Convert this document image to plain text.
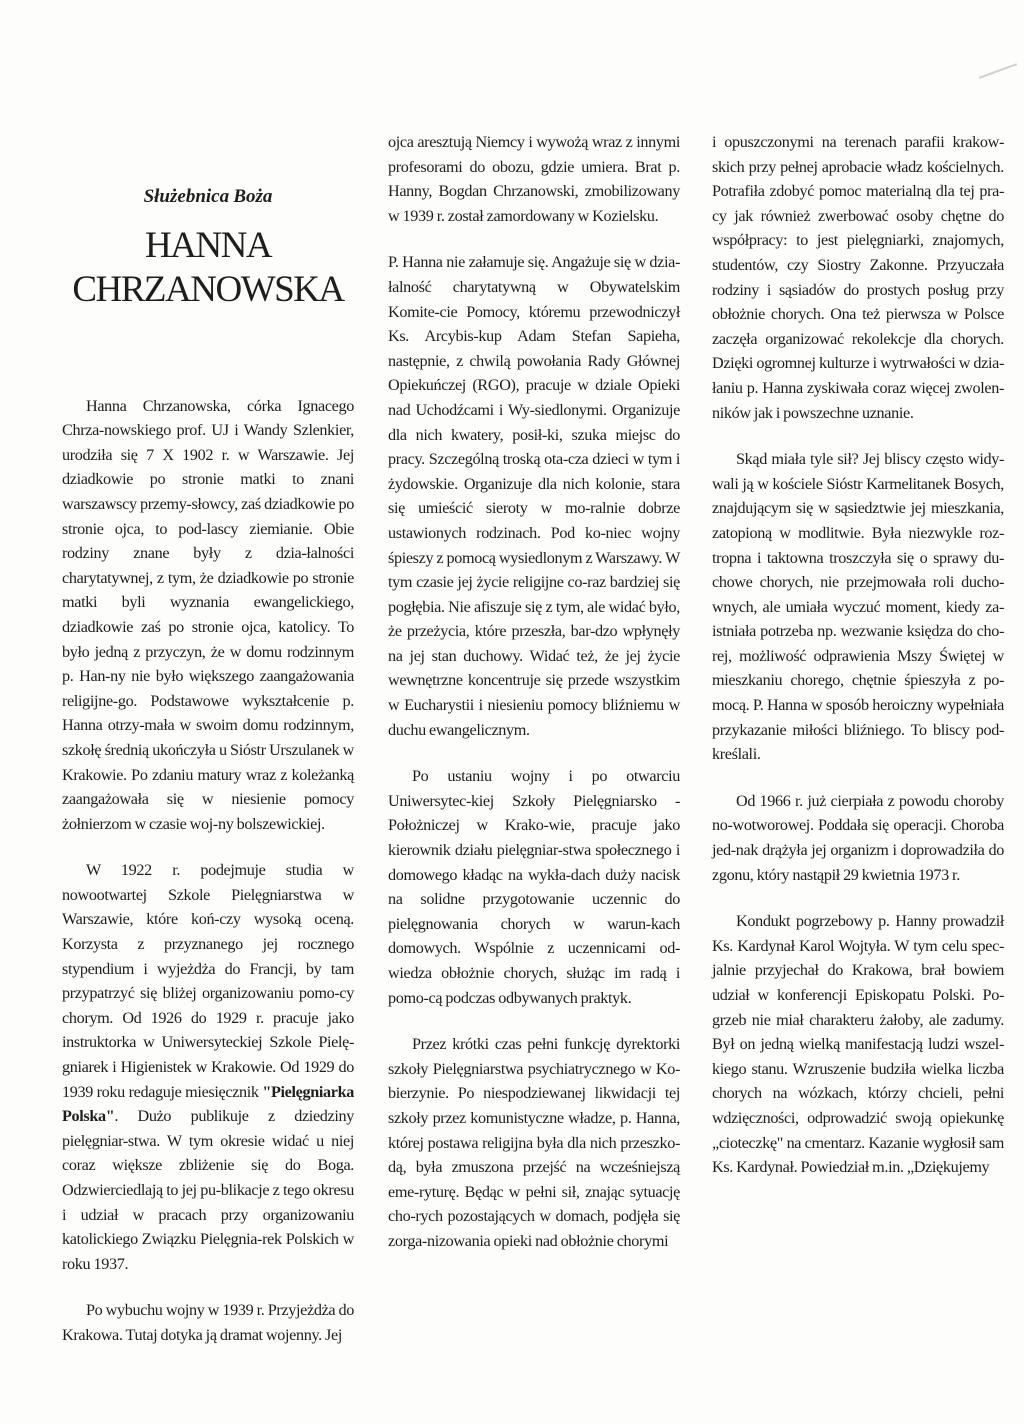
Służebnica Boża
HANNA CHRZANOWSKA

Hanna Chrzanowska, córka Ignacego Chrza-nowskiego prof. UJ i Wandy Szlenkier, urodziła się 7 X 1902 r. w Warszawie. Jej dziadkowie po stronie matki to znani warszawscy przemy-słowcy, zaś dziadkowie po stronie ojca, to pod-lascy ziemianie. Obie rodziny znane były z dzia-łalności charytatywnej, z tym, że dziadkowie po stronie matki byli wyznania ewangelickiego, dziadkowie zaś po stronie ojca, katolicy. To było jedną z przyczyn, że w domu rodzinnym p. Han-ny nie było większego zaangażowania religijne-go. Podstawowe wykształcenie p. Hanna otrzy-mała w swoim domu rodzinnym, szkołę średnią ukończyła u Sióstr Urszulanek w Krakowie. Po zdaniu matury wraz z koleżanką zaangażowała się w niesienie pomocy żołnierzom w czasie woj-ny bolszewickiej.

W 1922 r. podejmuje studia w nowootwartej Szkole Pielęgniarstwa w Warszawie, które koń-czy wysoką oceną. Korzysta z przyznanego jej rocznego stypendium i wyjeżdża do Francji, by tam przypatrzyć się bliżej organizowaniu pomo-cy chorym. Od 1926 do 1929 r. pracuje jako instruktorka w Uniwersyteckiej Szkole Pielę-gniarek i Higienistek w Krakowie. Od 1929 do 1939 roku redaguje miesięcznik "Pielęgniarka Polska". Dużo publikuje z dziedziny pielęgniar-stwa. W tym okresie widać u niej coraz większe zbliżenie się do Boga. Odzwierciedlają to jej pu-blikacje z tego okresu i udział w pracach przy organizowaniu katolickiego Związku Pielęgnia-rek Polskich w roku 1937.

Po wybuchu wojny w 1939 r. Przyjeżdża do Krakowa. Tutaj dotyka ją dramat wojenny. Jej

ojca aresztują Niemcy i wywożą wraz z innymi profesorami do obozu, gdzie umiera. Brat p. Hanny, Bogdan Chrzanowski, zmobilizowany w 1939 r. został zamordowany w Kozielsku.

P. Hanna nie załamuje się. Angażuje się w dzia-łalność charytatywną w Obywatelskim Komite-cie Pomocy, któremu przewodniczył Ks. Arcybis-kup Adam Stefan Sapieha, następnie, z chwilą powołania Rady Głównej Opiekuńczej (RGO), pracuje w dziale Opieki nad Uchodźcami i Wy-siedlonymi. Organizuje dla nich kwatery, posił-ki, szuka miejsc do pracy. Szczególną troską ota-cza dzieci w tym i żydowskie. Organizuje dla nich kolonie, stara się umieścić sieroty w mo-ralnie dobrze ustawionych rodzinach. Pod ko-niec wojny śpieszy z pomocą wysiedlonym z Warszawy. W tym czasie jej życie religijne co-raz bardziej się pogłębia. Nie afiszuje się z tym, ale widać było, że przeżycia, które przeszła, bar-dzo wpłynęły na jej stan duchowy. Widać też, że jej życie wewnętrzne koncentruje się przede wszystkim w Eucharystii i niesieniu pomocy bliźniemu w duchu ewangelicznym.

Po ustaniu wojny i po otwarciu Uniwersytec-kiej Szkoły Pielęgniarsko - Położniczej w Krako-wie, pracuje jako kierownik działu pielęgniar-stwa społecznego i domowego kładąc na wykła-dach duży nacisk na solidne przygotowanie uczennic do pielęgnowania chorych w warun-kach domowych. Wspólnie z uczennicami od-wiedza obłożnie chorych, służąc im radą i pomo-cą podczas odbywanych praktyk.

Przez krótki czas pełni funkcję dyrektorki szkoły Pielęgniarstwa psychiatrycznego w Ko-bierzynie. Po niespodziewanej likwidacji tej szkoły przez komunistyczne władze, p. Hanna, której postawa religijna była dla nich przeszko-dą, była zmuszona przejść na wcześniejszą eme-ryturę. Będąc w pełni sił, znając sytuację cho-rych pozostających w domach, podjęła się zorga-nizowania opieki nad obłożnie chorymi

i opuszczonymi na terenach parafii krakow-skich przy pełnej aprobacie władz kościelnych. Potrafiła zdobyć pomoc materialną dla tej pra-cy jak również zwerbować osoby chętne do współpracy: to jest pielęgniarki, znajomych, studentów, czy Siostry Zakonne. Przyuczała rodziny i sąsiadów do prostych posług przy obłożnie chorych. Ona też pierwsza w Polsce zaczęła organizować rekolekcje dla chorych. Dzięki ogromnej kulturze i wytrwałości w dzia-łaniu p. Hanna zyskiwała coraz więcej zwolen-ników jak i powszechne uznanie.

Skąd miała tyle sił? Jej bliscy często widy-wali ją w kościele Sióstr Karmelitanek Bosych, znajdującym się w sąsiedztwie jej mieszkania, zatopioną w modlitwie. Była niezwykle roz-tropna i taktowna troszczyła się o sprawy du-chowe chorych, nie przejmowała roli ducho-wnych, ale umiała wyczuć moment, kiedy za-istniała potrzeba np. wezwanie księdza do cho-rej, możliwość odprawienia Mszy Świętej w mieszkaniu chorego, chętnie śpieszyła z po-mocą. P. Hanna w sposób heroiczny wypełniała przykazanie miłości bliźniego. To bliscy pod-kreślali.

Od 1966 r. już cierpiała z powodu choroby no-wotworowej. Poddała się operacji. Choroba jed-nak drążyła jej organizm i doprowadziła do zgonu, który nastąpił 29 kwietnia 1973 r.

Kondukt pogrzebowy p. Hanny prowadził Ks. Kardynał Karol Wojtyła. W tym celu spec-jalnie przyjechał do Krakowa, brał bowiem udział w konferencji Episkopatu Polski. Po-grzeb nie miał charakteru żałoby, ale zadumy. Był on jedną wielką manifestacją ludzi wszel-kiego stanu. Wzruszenie budziła wielka liczba chorych na wózkach, którzy chcieli, pełni wdzięczności, odprowadzić swoją opiekunkę „cioteczkę" na cmentarz. Kazanie wygłosił sam Ks. Kardynał. Powiedział m.in. „Dziękujemy
